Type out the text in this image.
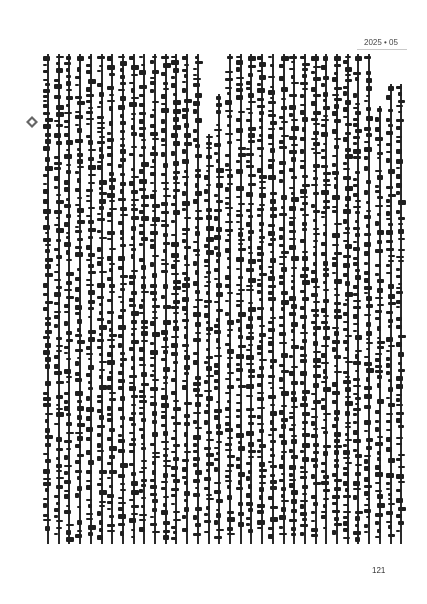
2025 • 05
121
